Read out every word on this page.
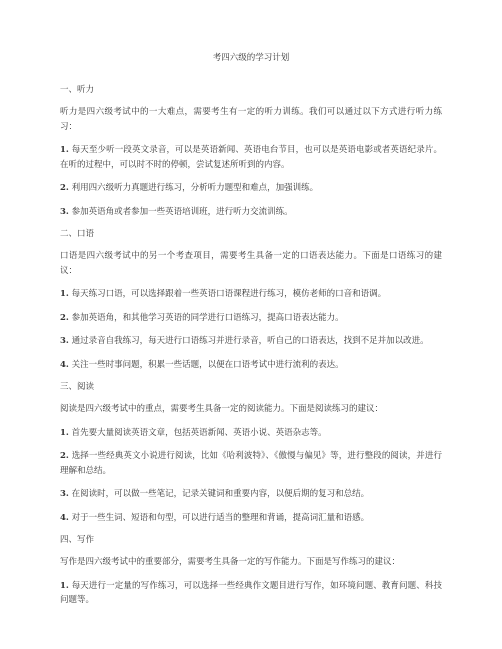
考四六级的学习计划
一、听力
听力是四六级考试中的一大难点，需要考生有一定的听力训练。我们可以通过以下方式进行听力练习：
1. 每天至少听一段英文录音，可以是英语新闻、英语电台节目，也可以是英语电影或者英语纪录片。在听的过程中，可以时不时的停顿，尝试复述所听到的内容。
2. 利用四六级听力真题进行练习，分析听力题型和难点，加强训练。
3. 参加英语角或者参加一些英语培训班，进行听力交流训练。
二、口语
口语是四六级考试中的另一个考查项目，需要考生具备一定的口语表达能力。下面是口语练习的建议：
1. 每天练习口语，可以选择跟着一些英语口语课程进行练习，模仿老师的口音和语调。
2. 参加英语角，和其他学习英语的同学进行口语练习，提高口语表达能力。
3. 通过录音自我练习，每天进行口语练习并进行录音，听自己的口语表达，找到不足并加以改进。
4. 关注一些时事问题，积累一些话题，以便在口语考试中进行流利的表达。
三、阅读
阅读是四六级考试中的重点，需要考生具备一定的阅读能力。下面是阅读练习的建议：
1. 首先要大量阅读英语文章，包括英语新闻、英语小说、英语杂志等。
2. 选择一些经典英文小说进行阅读，比如《哈利波特》、《傲慢与偏见》等，进行整段的阅读，并进行理解和总结。
3. 在阅读时，可以做一些笔记，记录关键词和重要内容，以便后期的复习和总结。
4. 对于一些生词、短语和句型，可以进行适当的整理和背诵，提高词汇量和语感。
四、写作
写作是四六级考试中的重要部分，需要考生具备一定的写作能力。下面是写作练习的建议：
1. 每天进行一定量的写作练习，可以选择一些经典作文题目进行写作，如环境问题、教育问题、科技问题等。
